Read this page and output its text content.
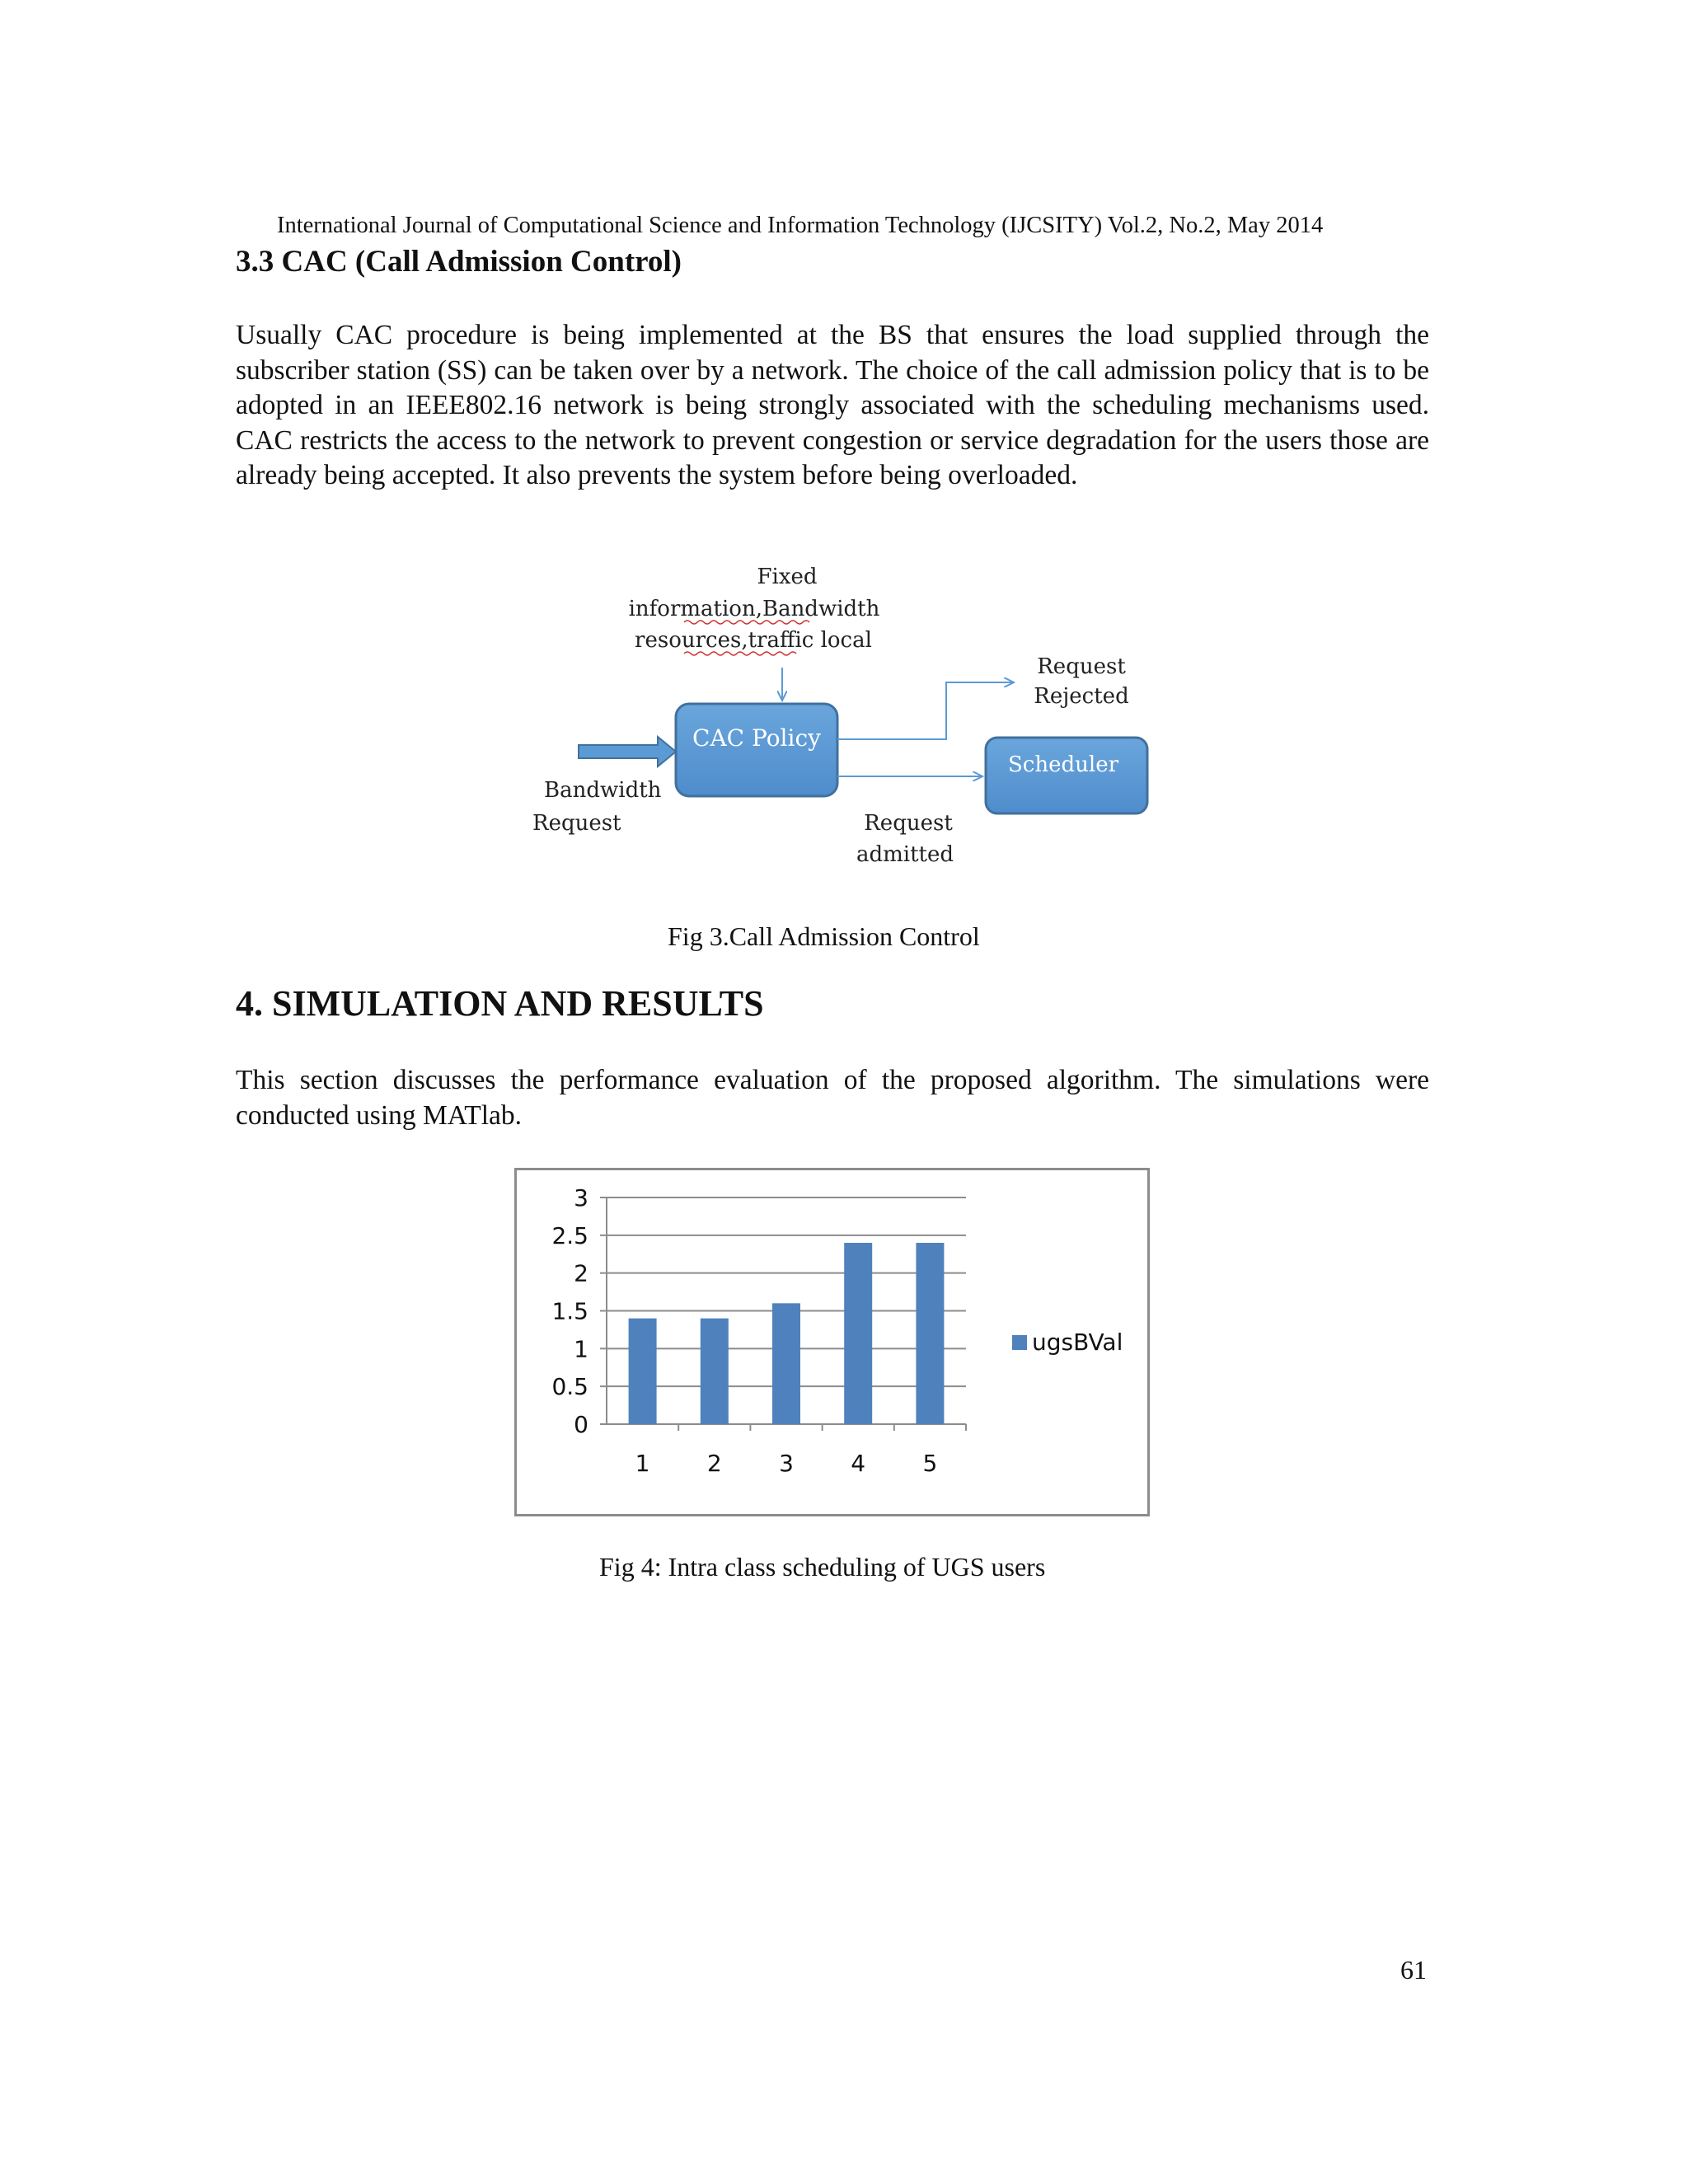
International Journal of Computational Science and Information Technology (IJCSITY) Vol.2, No.2, May 2014
3.3 CAC (Call Admission Control)
Usually CAC procedure is being implemented at the BS that ensures the load supplied through the subscriber station (SS) can be taken over by a network. The choice of the call admission policy that is to be adopted in an IEEE802.16 network is being strongly associated with the scheduling mechanisms used. CAC restricts the access to the network to prevent congestion or service degradation for the users those are already being accepted. It also prevents the system before being overloaded.
Fixed
information,Bandwidth
resources,traffic local
CAC Policy
Bandwidth
Request
Request
Rejected
Request
admitted
Scheduler
Fig 3.Call Admission Control
4. SIMULATION AND RESULTS
This section discusses the performance evaluation of the proposed algorithm. The simulations were conducted using MATlab.
0
0.5
1
1.5
2
2.5
3
1 2 3 4 5
ugsBVal
Fig 4: Intra class scheduling of UGS users
61
